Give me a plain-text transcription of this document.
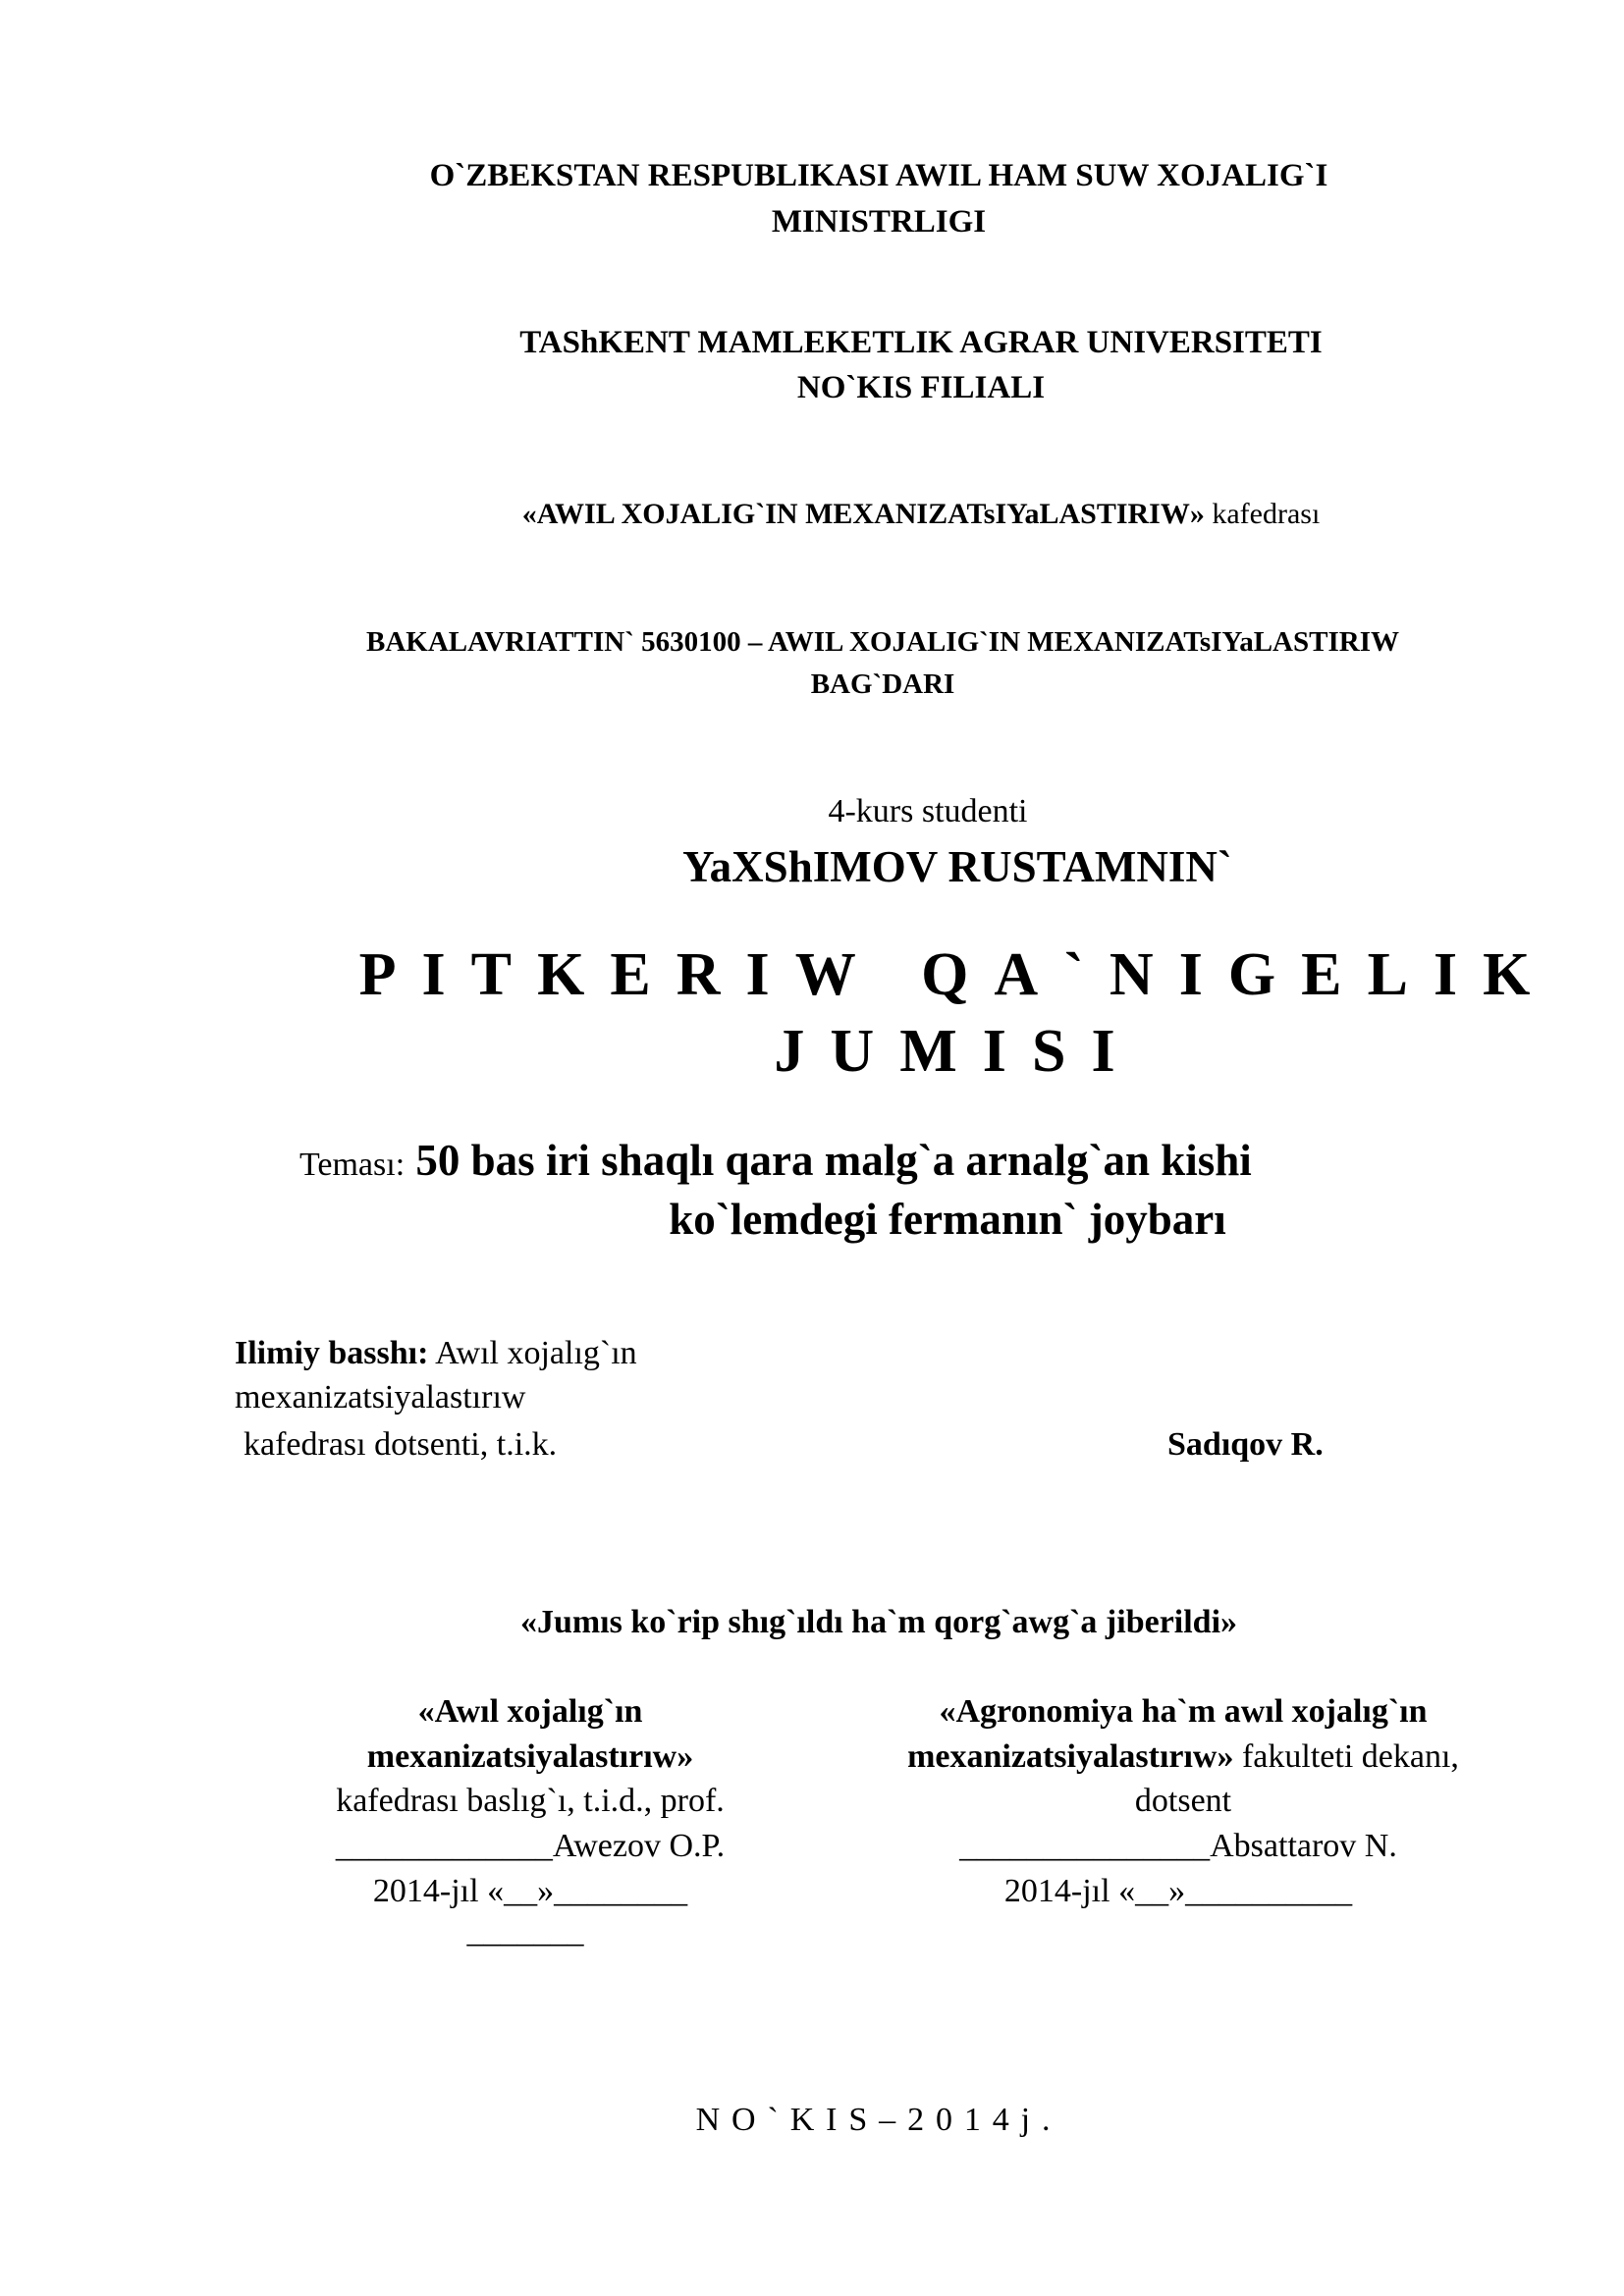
O`ZBEKSTAN RESPUBLIKASI AWIL HAM SUW XOJALIG`I
MINISTRLIGI
TAShKENT MAMLEKETLIK AGRAR UNIVERSITETI
NO`KIS FILIALI
«AWIL XOJALIG`IN MEXANIZATsIYaLASTIRIW» kafedrası
BAKALAVRIATTIN` 5630100 – AWIL XOJALIG`IN MEXANIZATsIYaLASTIRIW
BAG`DARI
4-kurs studenti
YaXShIMOV RUSTAMNIN`
PITKERIW QA`NIGELIK
JUMISI
Teması: 50 bas iri shaqlı qara malg`a arnalg`an kishi
ko`lemdegi fermanın` joybarı
Ilimiy basshı: Awıl xojalıg`ın
mexanizatsiyalastırıw
kafedrası dotsenti, t.i.k.	Sadıqov R.
«Jumıs ko`rip shıg`ıldı ha`m qorg`awg`a jiberildi»
«Awıl xojalıg`ın
mexanizatsiyalastırıw»
kafedrası baslıg`ı, t.i.d., prof.
_____________Awezov O.P.
2014-jıl «__»________
_______
«Agronomiya ha`m awıl xojalıg`ın
mexanizatsiyalastırıw» fakulteti dekanı,
dotsent
_______________Absattarov N.
2014-jıl «__»__________
NO`KIS–2014j.
